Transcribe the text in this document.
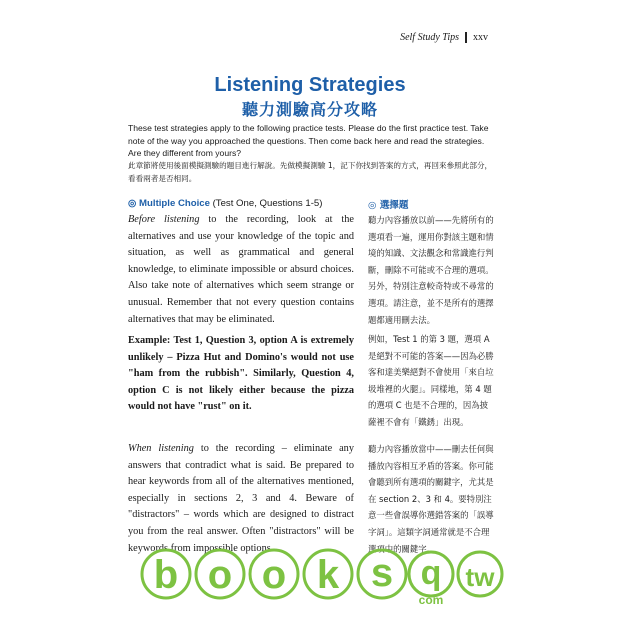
Self Study Tips xxv
Listening Strategies
聽力測驗高分攻略
These test strategies apply to the following practice tests. Please do the first practice test. Take note of the way you approached the questions. Then come back here and read the strategies. Are they different from yours?
此章節將使用後面模擬測驗的題目進行解說。先做模擬測驗 1，記下你找到答案的方式，再回來參照此部分，看看兩者是否相同。
◎ Multiple Choice (Test One, Questions 1-5)	◎ 選擇題
Before listening to the recording, look at the alternatives and use your knowledge of the topic and situation, as well as grammatical and general knowledge, to eliminate impossible or absurd choices. Also take note of alternatives which seem strange or unusual. Remember that not every question contains alternatives that may be eliminated.
Example: Test 1, Question 3, option A is extremely unlikely – Pizza Hut and Domino's would not use "ham from the rubbish". Similarly, Question 4, option C is not likely either because the pizza would not have "rust" on it.
When listening to the recording – eliminate any answers that contradict what is said. Be prepared to hear keywords from all of the alternatives mentioned, especially in sections 2, 3 and 4. Beware of "distractors" – words which are designed to distract you from the real answer. Often "distractors" will be keywords from impossible options.
聽力內容播放以前——先將所有的選項看一遍，運用你對該主題和情境的知識、文法觀念和常識進行判斷，刪除不可能或不合理的選項。另外，特別注意較奇特或不尋常的選項。請注意，並不是所有的選擇題都適用刪去法。
例如，Test 1 的第 3 題，選項 A 是絕對不可能的答案——因為必勝客和達美樂絕對不會使用「來自垃圾堆裡的火腿」。同樣地，第 4 題的選項 C 也是不合理的，因為披薩裡不會有「鐵銹」出現。
聽力內容播放當中——刪去任何與播放內容相互矛盾的答案。你可能會聽到所有選項的關鍵字，尤其是在 section 2、3 和 4。要特別注意一些會誤導你選錯答案的「誤導字詞」。這類字詞通常就是不合理選項中的關鍵字。
b o o k s q
com
tw
